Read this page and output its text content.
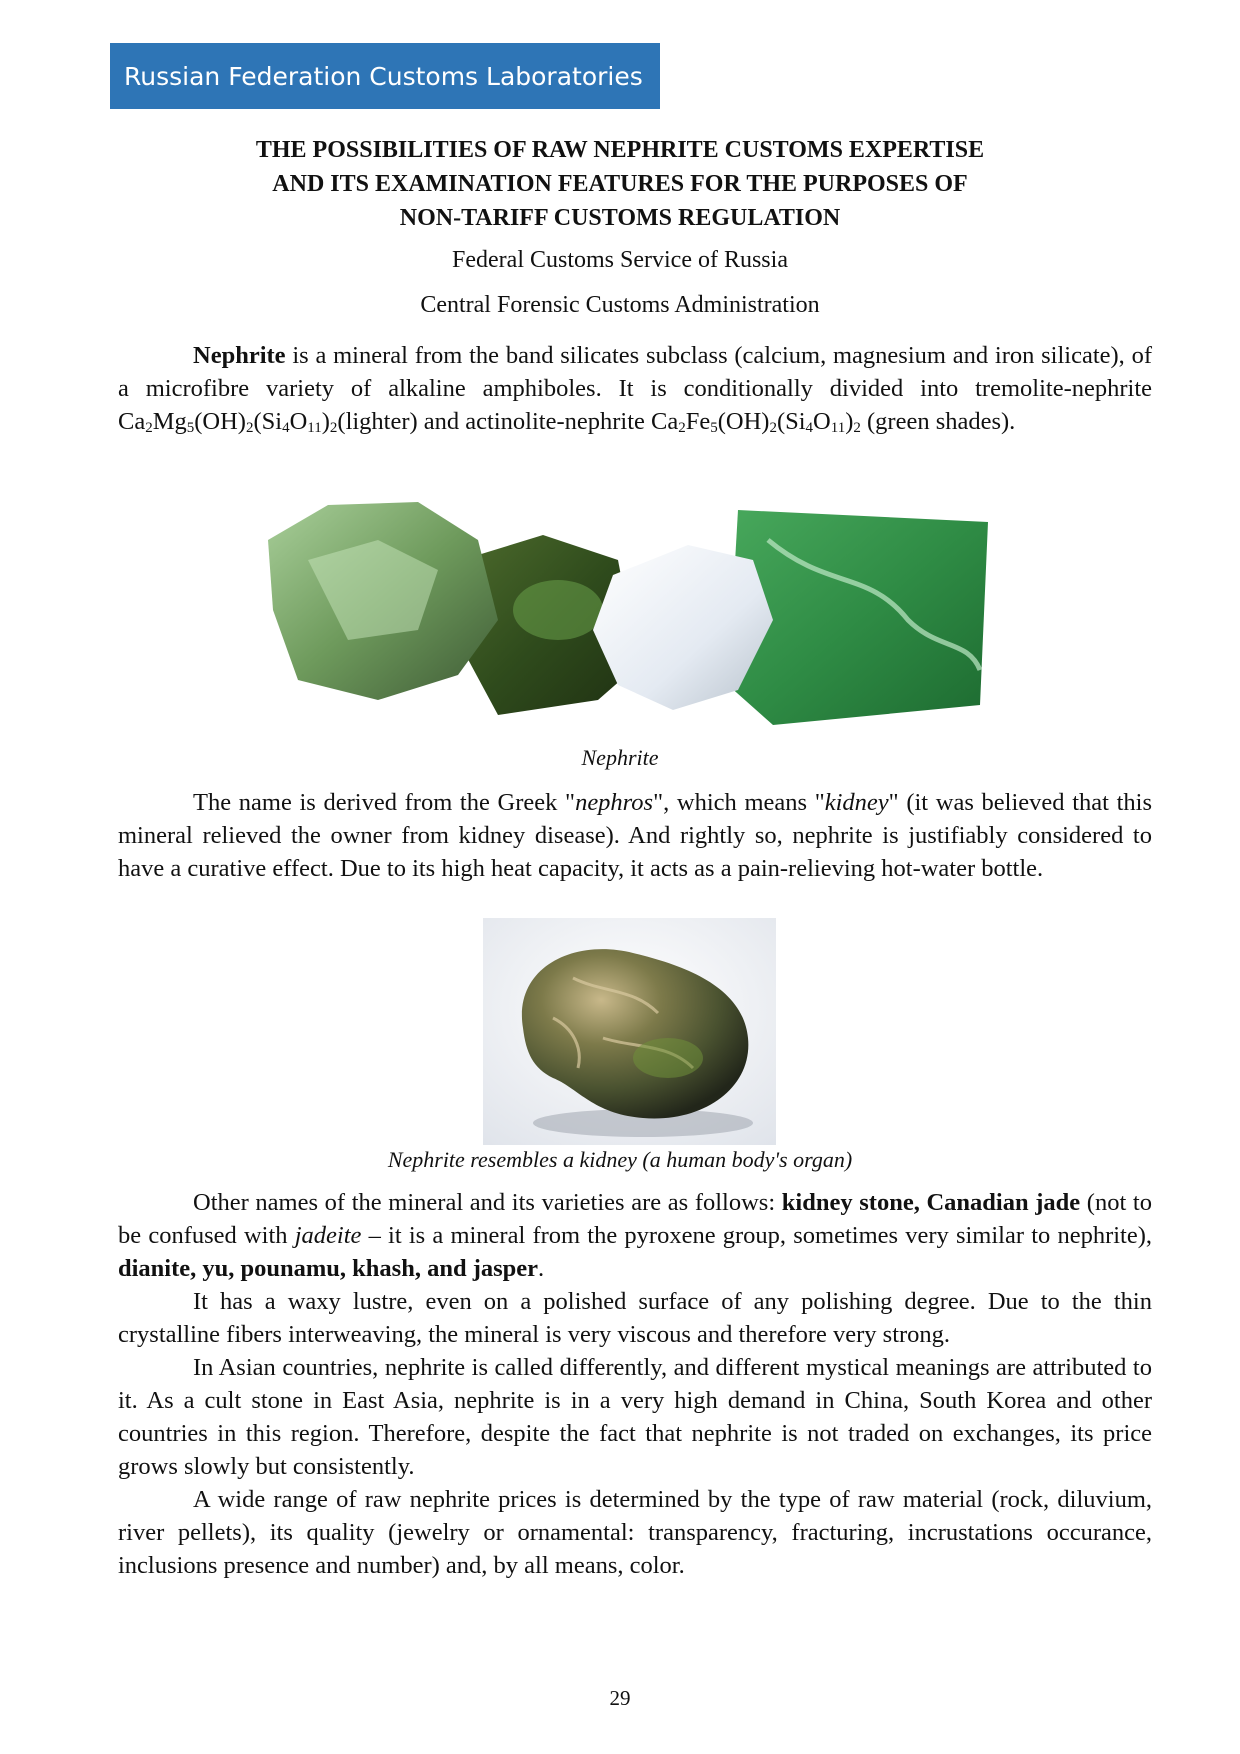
Russian Federation Customs Laboratories
THE POSSIBILITIES OF RAW NEPHRITE CUSTOMS EXPERTISE
AND ITS EXAMINATION FEATURES FOR THE PURPOSES OF
NON-TARIFF CUSTOMS REGULATION
Federal Customs Service of Russia
Central Forensic Customs Administration

Nephrite is a mineral from the band silicates subclass (calcium, magnesium and iron silicate), of a microfibre variety of alkaline amphiboles. It is conditionally divided into tremolite-nephrite $Ca_2Mg_5(OH)_2(Si_4O_{11})_2(lighter)$ and actinolite-nephrite $Ca_2Fe_5(OH)_2(Si_4O_{11})_2$ (green shades).

Nephrite

The name is derived from the Greek "nephros", which means "kidney" (it was believed that this mineral relieved the owner from kidney disease). And rightly so, nephrite is justifiably considered to have a curative effect. Due to its high heat capacity, it acts as a pain-relieving hot-water bottle.

Nephrite resembles a kidney (a human body's organ)

Other names of the mineral and its varieties are as follows: kidney stone, Canadian jade (not to be confused with jadeite – it is a mineral from the pyroxene group, sometimes very similar to nephrite), dianite, yu, pounamu, khash, and jasper.

It has a waxy lustre, even on a polished surface of any polishing degree. Due to the thin crystalline fibers interweaving, the mineral is very viscous and therefore very strong.

In Asian countries, nephrite is called differently, and different mystical meanings are attributed to it. As a cult stone in East Asia, nephrite is in a very high demand in China, South Korea and other countries in this region. Therefore, despite the fact that nephrite is not traded on exchanges, its price grows slowly but consistently.

A wide range of raw nephrite prices is determined by the type of raw material (rock, diluvium, river pellets), its quality (jewelry or ornamental: transparency, fracturing, incrustations occurance, inclusions presence and number) and, by all means, color.

29
